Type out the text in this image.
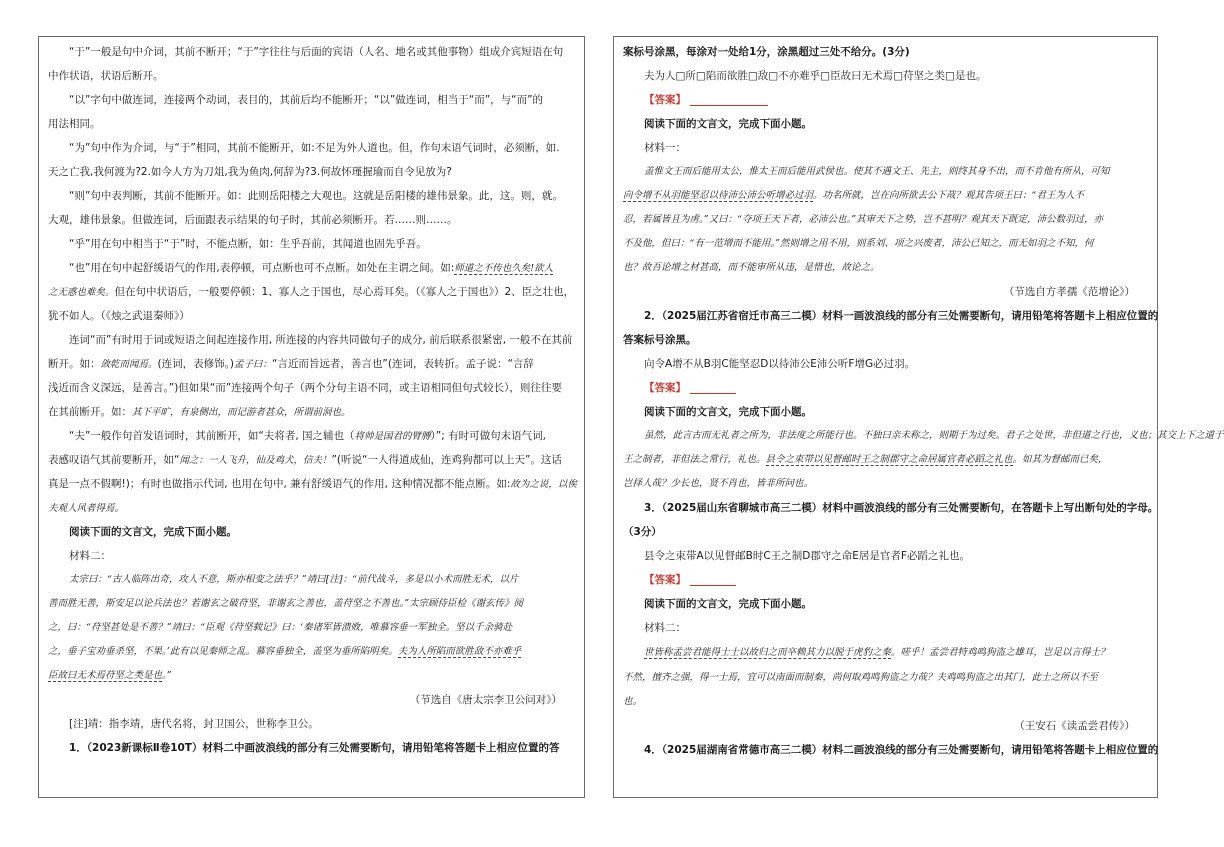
“于”一般是句中介词，其前不断开；“于”字往往与后面的宾语（人名、地名或其他事物）组成介宾短语在句
中作状语，状语后断开。
“以”字句中做连词，连接两个动词，表目的，其前后均不能断开；“以”做连词，相当于“而”，与“而”的
用法相同。
“为”句中作为介词，与“于”相同，其前不能断开，如:不足为外人道也。但，作句末语气词时，必须断，如.
天之亡我,我何渡为?2.如今人方为刀俎,我为鱼肉,何辞为?3.何故怀瑾握瑜而自令见放为?
“则”句中表判断，其前不能断开。如：此则岳阳楼之大观也。这就是岳阳楼的雄伟景象。此，这。则，就。
大观，雄伟景象。但做连词，后面跟表示结果的句子时，其前必须断开。若……则……。
“乎”用在句中相当于“于”时，不能点断，如：生乎吾前，其闻道也固先乎吾。
“也”用在句中起舒缓语气的作用,表停顿，可点断也可不点断。如处在主谓之间。如:师道之不传也久矣!欲人
之无惑也难矣。但在句中状语后，一般要停顿：1、寡人之于国也，尽心焉耳矣。（《寡人之于国也》）2、臣之壮也，
犹不如人。（《烛之武退秦师》）
连词“而”有时用于词或短语之间起连接作用, 所连接的内容共同做句子的成分, 前后联系很紧密, 一般不在其前
断开。如：敛乾而闻焉。(连词，表修饰。)孟子曰：“言近而旨远者，善言也”(连词，表转折。孟子说：“言辞
浅近而含义深远，是善言。”)但如果“而”连接两个句子（两个分句主语不同，或主语相同但句式较长），则往往要
在其前断开。如：其下平旷，有泉侧出，而记游者甚众，所谓前洞也。
“夫”一般作句首发语词时，其前断开，如“夫将者, 国之辅也（将帅是国君的臂膊）”; 有时可做句末语气词,
表感叹语气其前要断开，如“闻之：一人飞升，仙及鸡犬，信夫！”(听说“一人得道成仙，连鸡狗都可以上天”。这话
真是一点不假啊!)；有时也做指示代词, 也用在句中, 兼有舒缓语气的作用, 这种情况都不能点断。如:故为之说，以俟
夫观人风者得焉。
阅读下面的文言文，完成下面小题。
材料二：
太宗曰：“古人临阵出奇，攻人不意，斯亦相变之法乎？”靖曰[注]：“前代战斗，多是以小术而胜无术，以片
善而胜无善，斯安足以论兵法也？若谢玄之破苻坚，非谢玄之善也，盖苻坚之不善也。”太宗顾侍臣检《谢玄传》阅
之，曰：“苻坚甚处是不善？”靖曰：“臣观《苻坚载记》曰：‘秦诸军皆溃败，唯慕容垂一军独全。坚以千余骑赴
之，垂子宝劝垂杀坚，不果。’此有以见秦师之乱。慕容垂独全，盖坚为垂所陷明矣。夫为人所陷而欲胜敌不亦难乎
臣故曰无术焉苻坚之类是也。”
（节选自《唐太宗李卫公问对》）
[注]靖：指李靖，唐代名将，封卫国公，世称李卫公。
1．（2023新课标Ⅱ卷10T）材料二中画波浪线的部分有三处需要断句，请用铅笔将答题卡上相应位置的答
案标号涂黑，每涂对一处给1分，涂黑超过三处不给分。(3分)
夫为人□所□陷而欲胜□敌□不亦难乎□臣故曰无术焉□苻坚之类□是也。
【答案】
阅读下面的文言文，完成下面小题。
材料一：
盖惟文王而后能用太公，惟太王而后能用武侯也。使其不遇文王、先主，则终其身不出，而不肯他有所从，可知
向令增不从羽能坚忍以待沛公沛公听增必过羽。功名所就，岂在向所欲去公下哉？观其告项王曰：“君王为人不
忍，若属皆且为虏。”又曰：“夺项王天下者，必沛公也。”其审天下之势，岂不甚明？观其天下既定，沛公数羽过，亦
不及他，但曰：“有一范增而不能用。”然则增之用不用，则系刘、项之兴废者，沛公已知之，而无如羽之不知，何
也？故吾论增之材甚高，而不能审所从违，是惜也，故论之。
（节选自方孝孺《范增论》）
2．（2025届江苏省宿迁市高三二模）材料一画波浪线的部分有三处需要断句，请用铅笔将答题卡上相应位置的
答案标号涂黑。
向令A增不从B羽C能坚忍D以待沛公E沛公听F增G必过羽。
【答案】
阅读下面的文言文，完成下面小题。
虽然，此言古而无礼者之所为，非法度之所能行也。不独曰亲未称之，则期于为过矣。君子之处世，非但道之行也，义也；其交上下之道于
王之制者，非但法之常行，礼也。县令之束带以见督邮时王之制郡守之命居属官者必蹈之礼也。如其为督邮而已矣，
岂择人哉？少长也，贤不肖也，皆非所问也。
3．（2025届山东省聊城市高三二模）材料中画波浪线的部分有三处需要断句，在答题卡上写出断句处的字母。
（3分）
县令之束带A以见督邮B时C王之制D郡守之命E居是官者F必蹈之礼也。
【答案】
阅读下面的文言文，完成下面小题。
材料二：
世皆称孟尝君能得士士以故归之而卒赖其力以脱于虎豹之秦。嗟乎！孟尝君特鸡鸣狗盗之雄耳，岂足以言得士？
不然，擅齐之强，得一士焉，宜可以南面而制秦，尚何取鸡鸣狗盗之力哉？夫鸡鸣狗盗之出其门，此士之所以不至
也。
（王安石《读孟尝君传》）
4．（2025届湖南省常德市高三二模）材料二画波浪线的部分有三处需要断句，请用铅笔将答题卡上相应位置的
